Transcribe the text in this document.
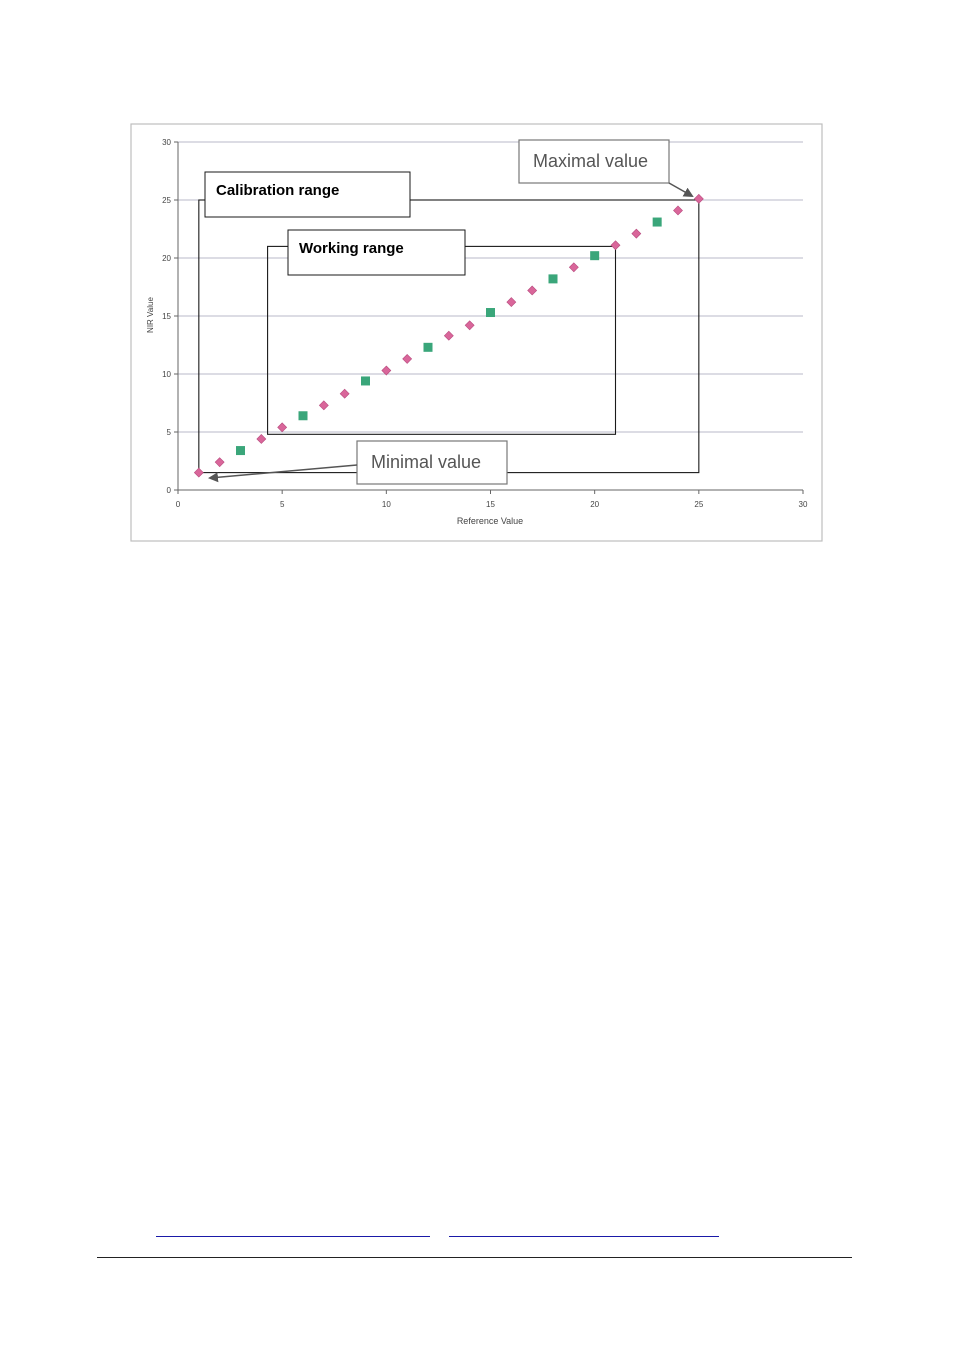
0
5
10
15
20
25
30
0	5	10	15	20	25	30
Calibration range
Working range
Maximal value
Minimal value
Reference Value
NIR Value
